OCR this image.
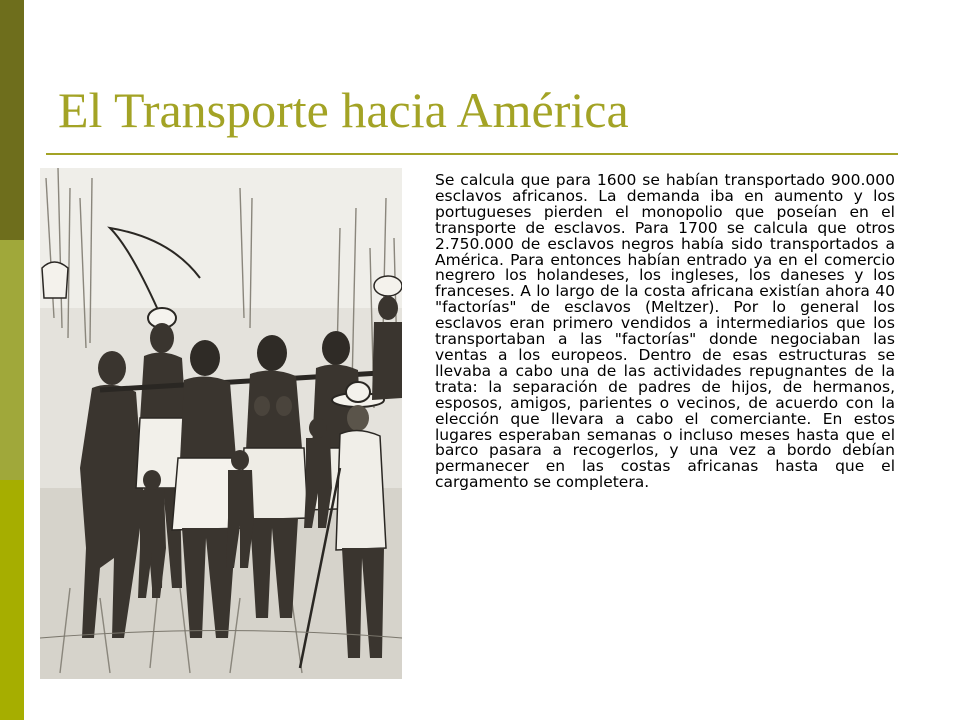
El Transporte hacia América

Se calcula que para 1600 se habían transportado 900.000 esclavos africanos. La demanda iba en aumento y los portugueses pierden el monopolio que poseían en el transporte de esclavos. Para 1700 se calcula que otros 2.750.000 de esclavos negros había sido transportados a América. Para entonces habían entrado ya en el comercio negrero los holandeses, los ingleses, los daneses y los franceses. A lo largo de la costa africana existían ahora 40 "factorías" de esclavos (Meltzer). Por lo general los esclavos eran primero vendidos a intermediarios que los transportaban a las "factorías" donde negociaban las ventas a los europeos. Dentro de esas estructuras se llevaba a cabo una de las actividades repugnantes de la trata: la separación de padres de hijos, de hermanos, esposos, amigos, parientes o vecinos, de acuerdo con la elección que llevara a cabo el comerciante. En estos lugares esperaban semanas o incluso meses hasta que el barco pasara a recogerlos, y una vez a bordo debían permanecer en las costas africanas hasta que el cargamento se completera.
